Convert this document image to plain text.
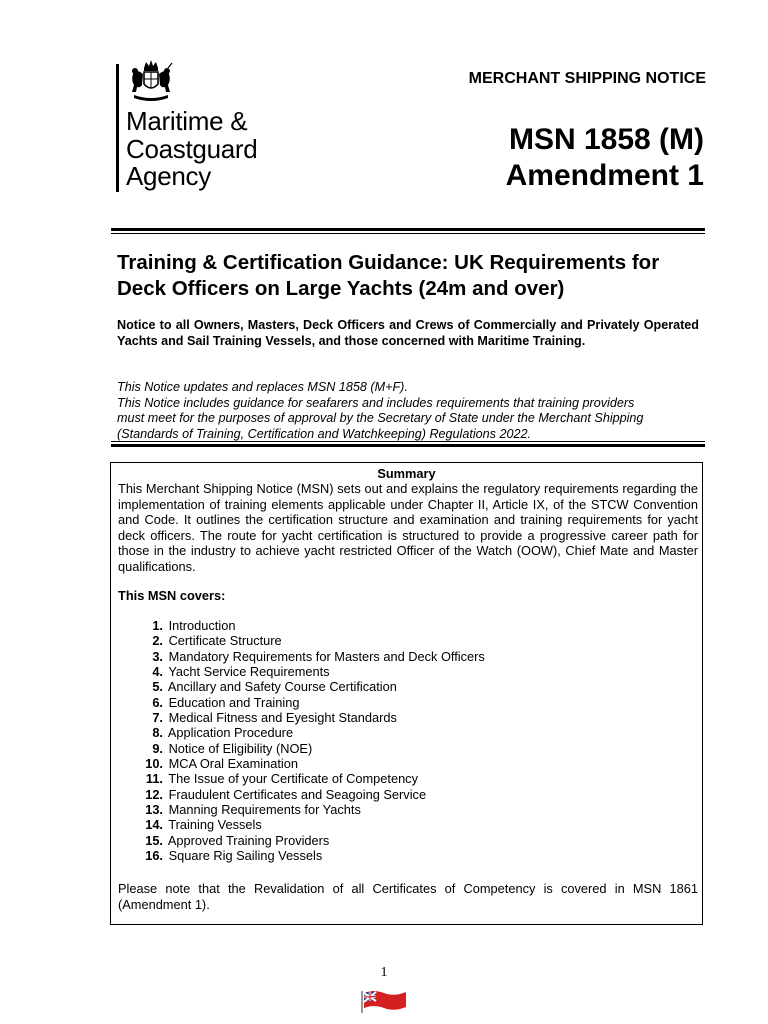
Maritime &
Coastguard
Agency
MERCHANT SHIPPING NOTICE
MSN 1858 (M)
Amendment 1
Training & Certification Guidance: UK Requirements for Deck Officers on Large Yachts (24m and over)
Notice to all Owners, Masters, Deck Officers and Crews of Commercially and Privately Operated Yachts and Sail Training Vessels, and those concerned with Maritime Training.
This Notice updates and replaces MSN 1858 (M+F).
This Notice includes guidance for seafarers and includes requirements that training providers
must meet for the purposes of approval by the Secretary of State under the Merchant Shipping
(Standards of Training, Certification and Watchkeeping) Regulations 2022.
Summary
This Merchant Shipping Notice (MSN) sets out and explains the regulatory requirements regarding the implementation of training elements applicable under Chapter II, Article IX, of the STCW Convention and Code. It outlines the certification structure and examination and training requirements for yacht deck officers. The route for yacht certification is structured to provide a progressive career path for those in the industry to achieve yacht restricted Officer of the Watch (OOW), Chief Mate and Master qualifications.
This MSN covers:
1. Introduction
2. Certificate Structure
3. Mandatory Requirements for Masters and Deck Officers
4. Yacht Service Requirements
5. Ancillary and Safety Course Certification
6. Education and Training
7. Medical Fitness and Eyesight Standards
8. Application Procedure
9. Notice of Eligibility (NOE)
10. MCA Oral Examination
11. The Issue of your Certificate of Competency
12. Fraudulent Certificates and Seagoing Service
13. Manning Requirements for Yachts
14. Training Vessels
15. Approved Training Providers
16. Square Rig Sailing Vessels
Please note that the Revalidation of all Certificates of Competency is covered in MSN 1861 (Amendment 1).
1
